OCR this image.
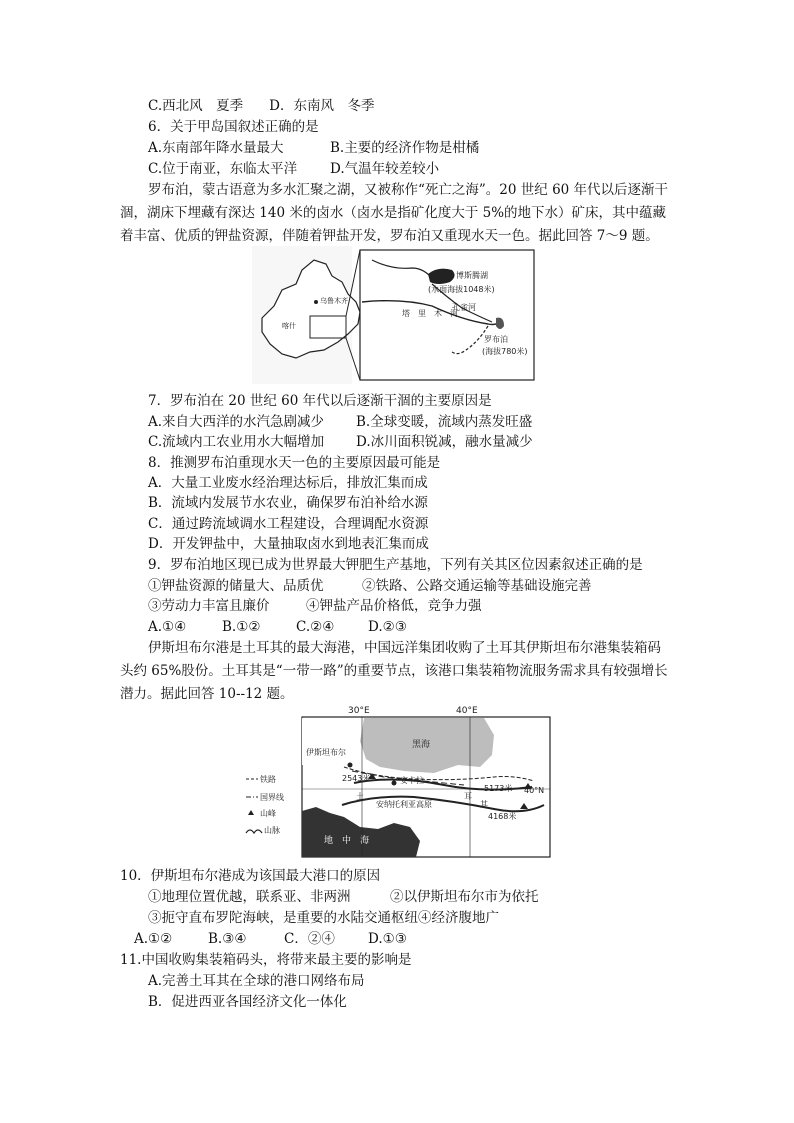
C.西北风　夏季 D．东南风　冬季
6．关于甲岛国叙述正确的是
A.东南部年降水量最大	B.主要的经济作物是柑橘
C.位于南亚，东临太平洋 D.气温年较差较小
罗布泊，蒙古语意为多水汇聚之湖，又被称作“死亡之海”。20 世纪 60 年代以后逐渐干
涸，湖床下埋藏有深达 140 米的卤水（卤水是指矿化度大于 5%的地下水）矿床，其中蕴藏
着丰富、优质的钾盐资源，伴随着钾盐开发，罗布泊又重现水天一色。据此回答 7～9 题。
乌鲁木齐
喀什
博斯腾湖
(水面海拔1048米)
孔雀河
塔　里　木　河
罗布泊
(海拔780米)
7．罗布泊在 20 世纪 60 年代以后逐渐干涸的主要原因是
A.来自大西洋的水汽急剧减少 B.全球变暖，流域内蒸发旺盛
C.流域内工农业用水大幅增加 D.冰川面积锐减，融水量减少
8．推测罗布泊重现水天一色的主要原因最可能是
A．大量工业废水经治理达标后，排放汇集而成
B．流域内发展节水农业，确保罗布泊补给水源
C．通过跨流域调水工程建设，合理调配水资源
D．开发钾盐中，大量抽取卤水到地表汇集而成
9．罗布泊地区现已成为世界最大钾肥生产基地，下列有关其区位因素叙述正确的是
①钾盐资源的储量大、品质优	②铁路、公路交通运输等基础设施完善
③劳动力丰富且廉价	④钾盐产品价格低，竞争力强
A.①④	B.①②	C.②④ D.②③
伊斯坦布尔港是土耳其的最大海港，中国远洋集团收购了土耳其伊斯坦布尔港集装箱码
头约 65%股份。土耳其是“一带一路”的重要节点，该港口集装箱物流服务需求具有较强增长
潜力。据此回答 10--12 题。
30°E	40°E
黑海
伊斯坦布尔
地　中　海
2543米	安卡拉
5173米
4168米
土
安纳托利亚高原
耳
其
40°N
铁路
国界线
山峰
山脉
10．伊斯坦布尔港成为该国最大港口的原因
①地理位置优越，联系亚、非两洲	②以伊斯坦布尔市为依托
③扼守直布罗陀海峡，是重要的水陆交通枢纽④经济腹地广
A.①②	B.③④	C．②④ D.①③
11.中国收购集装箱码头，将带来最主要的影响是
A.完善土耳其在全球的港口网络布局
B．促进西亚各国经济文化一体化
